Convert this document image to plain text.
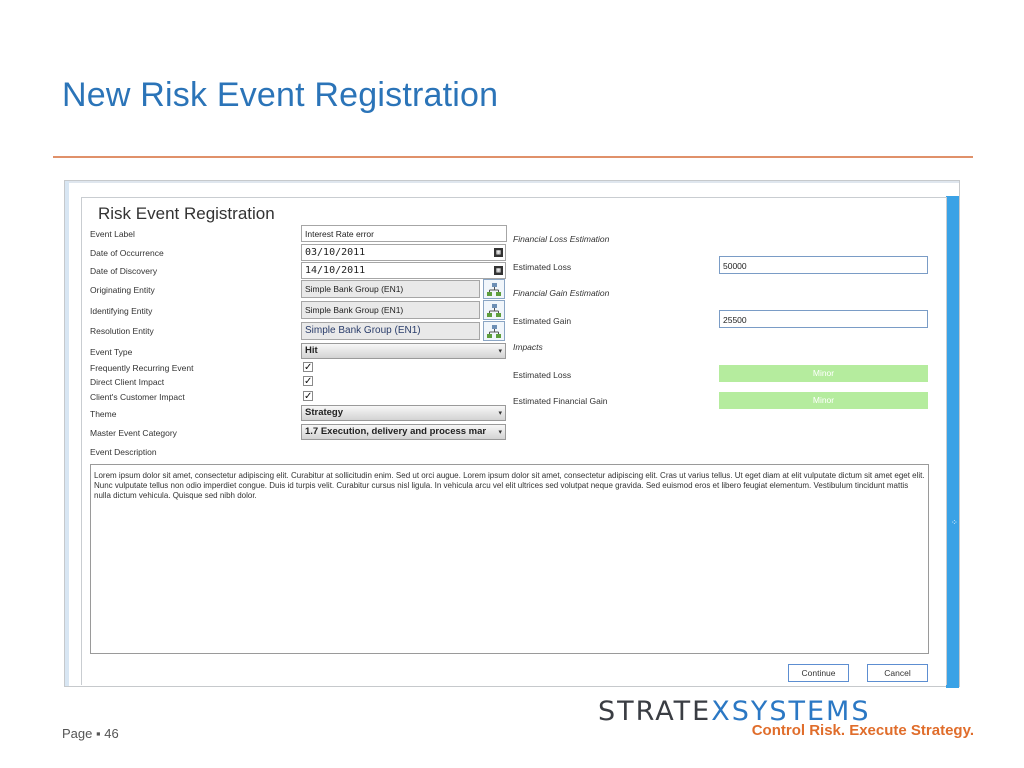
New Risk Event Registration
⁘
Risk Event Registration
Event Label	Interest Rate error
Date of Occurrence	03/10/2011	▦
Date of Discovery	14/10/2011	▦
Originating Entity	Simple Bank Group (EN1)
Identifying Entity	Simple Bank Group (EN1)
Resolution Entity	Simple Bank Group (EN1)
Event Type	Hit	▾
Frequently Recurring Event	✓
Direct Client Impact	✓
Client's Customer Impact	✓
Theme	Strategy	▾
Master Event Category	1.7 Execution, delivery and process mar ▾
Event Description
Lorem ipsum dolor sit amet, consectetur adipiscing elit. Curabitur at sollicitudin enim. Sed ut orci augue. Lorem ipsum dolor sit amet, consectetur adipiscing elit. Cras ut varius tellus. Ut eget diam at elit vulputate dictum sit amet eget elit. Nunc vulputate tellus non odio imperdiet congue. Duis id turpis velit. Curabitur cursus nisl ligula. In vehicula arcu vel elit ultrices sed volutpat neque gravida. Sed euismod eros et libero feugiat elementum. Vestibulum tincidunt mattis nulla dictum vehicula. Quisque sed nibh dolor.
Financial Loss Estimation
Estimated Loss	50000
Financial Gain Estimation
Estimated Gain	25500
Impacts
Estimated Loss	Minor
Estimated Financial Gain	Minor
Continue	Cancel
Page ▪ 46
STRATEXSYSTEMS
Control Risk. Execute Strategy.
